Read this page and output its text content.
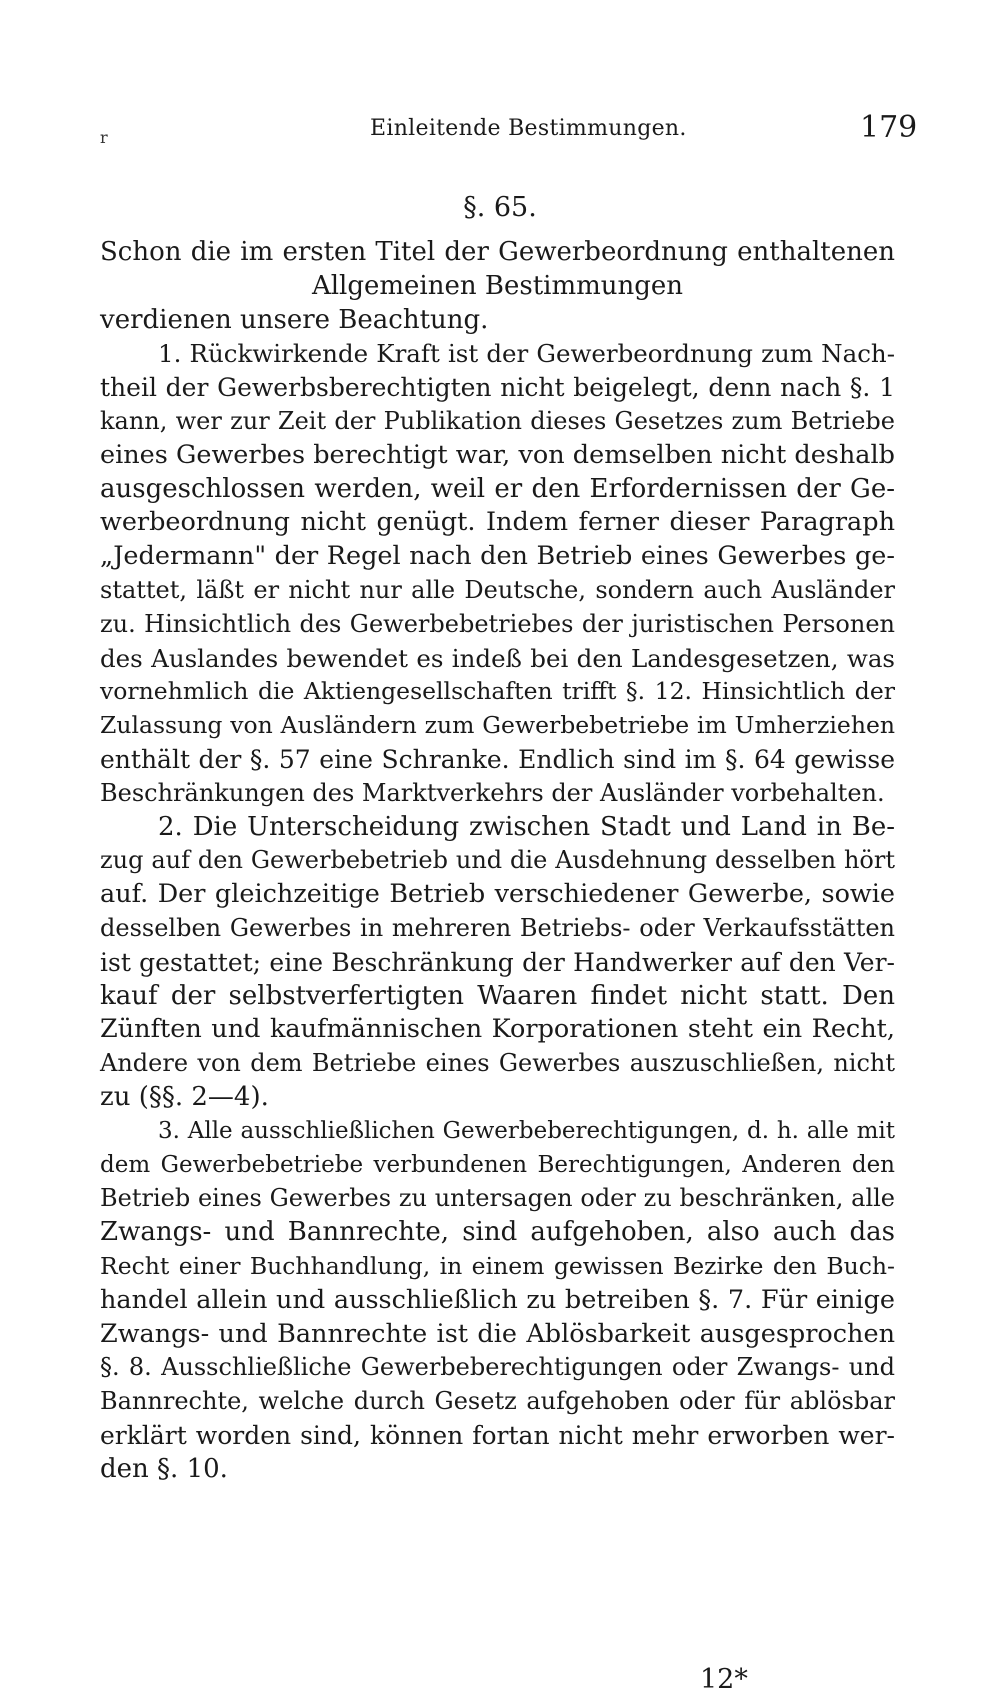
r	Einleitende Bestimmungen.	179
§. 65.
Schon die im ersten Titel der Gewerbeordnung enthaltenen
Allgemeinen Bestimmungen
verdienen unsere Beachtung.
1. Rückwirkende Kraft ist der Gewerbeordnung zum Nach-
theil der Gewerbsberechtigten nicht beigelegt, denn nach §. 1
kann, wer zur Zeit der Publikation dieses Gesetzes zum Betriebe
eines Gewerbes berechtigt war, von demselben nicht deshalb
ausgeschlossen werden, weil er den Erfordernissen der Ge-
werbeordnung nicht genügt. Indem ferner dieser Paragraph
„Jedermann" der Regel nach den Betrieb eines Gewerbes ge-
stattet, läßt er nicht nur alle Deutsche, sondern auch Ausländer
zu. Hinsichtlich des Gewerbebetriebes der juristischen Personen
des Auslandes bewendet es indeß bei den Landesgesetzen, was
vornehmlich die Aktiengesellschaften trifft §. 12. Hinsichtlich der
Zulassung von Ausländern zum Gewerbebetriebe im Umherziehen
enthält der §. 57 eine Schranke. Endlich sind im §. 64 gewisse
Beschränkungen des Marktverkehrs der Ausländer vorbehalten.
2. Die Unterscheidung zwischen Stadt und Land in Be-
zug auf den Gewerbebetrieb und die Ausdehnung desselben hört
auf. Der gleichzeitige Betrieb verschiedener Gewerbe, sowie
desselben Gewerbes in mehreren Betriebs- oder Verkaufsstätten
ist gestattet; eine Beschränkung der Handwerker auf den Ver-
kauf der selbstverfertigten Waaren findet nicht statt. Den
Zünften und kaufmännischen Korporationen steht ein Recht,
Andere von dem Betriebe eines Gewerbes auszuschließen, nicht
zu (§§. 2—4).
3. Alle ausschließlichen Gewerbeberechtigungen, d. h. alle mit
dem Gewerbebetriebe verbundenen Berechtigungen, Anderen den
Betrieb eines Gewerbes zu untersagen oder zu beschränken, alle
Zwangs- und Bannrechte, sind aufgehoben, also auch das
Recht einer Buchhandlung, in einem gewissen Bezirke den Buch-
handel allein und ausschließlich zu betreiben §. 7. Für einige
Zwangs- und Bannrechte ist die Ablösbarkeit ausgesprochen
§. 8. Ausschließliche Gewerbeberechtigungen oder Zwangs- und
Bannrechte, welche durch Gesetz aufgehoben oder für ablösbar
erklärt worden sind, können fortan nicht mehr erworben wer-
den §. 10.
12*
